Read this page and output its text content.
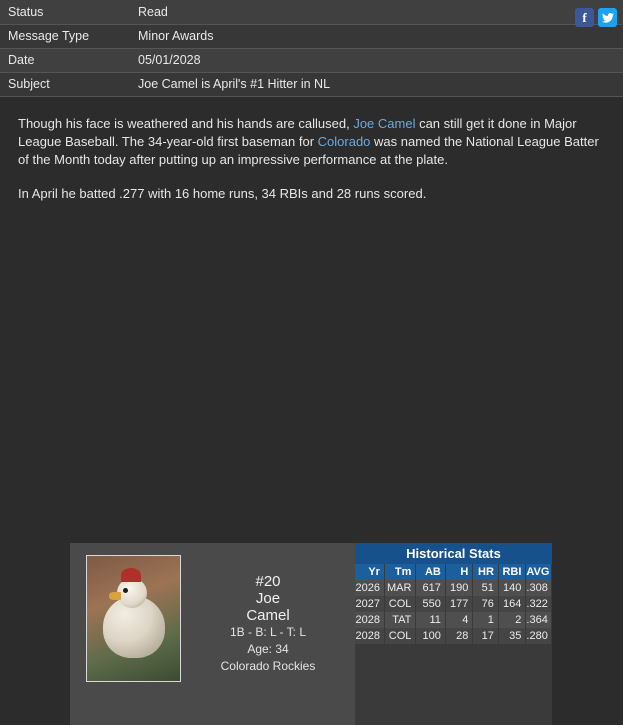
f
Status	Read
Message Type	Minor Awards
Date	05/01/2028
Subject	Joe Camel is April's #1 Hitter in NL

Though his face is weathered and his hands are callused, Joe Camel can still get it done in Major League Baseball. The 34-year-old first baseman for Colorado was named the National League Batter of the Month today after putting up an impressive performance at the plate.

In April he batted .277 with 16 home runs, 34 RBIs and 28 runs scored.

#20
Joe
Camel
1B - B: L - T: L
Age: 34
Colorado Rockies
Historical Stats
Yr	Tm	AB	H	HR	RBI	AVG
2026	MAR	617	190	51	140	.308
2027	COL	550	177	76	164	.322
2028	TAT	11	4	1	2	.364
2028	COL	100	28	17	35	.280
